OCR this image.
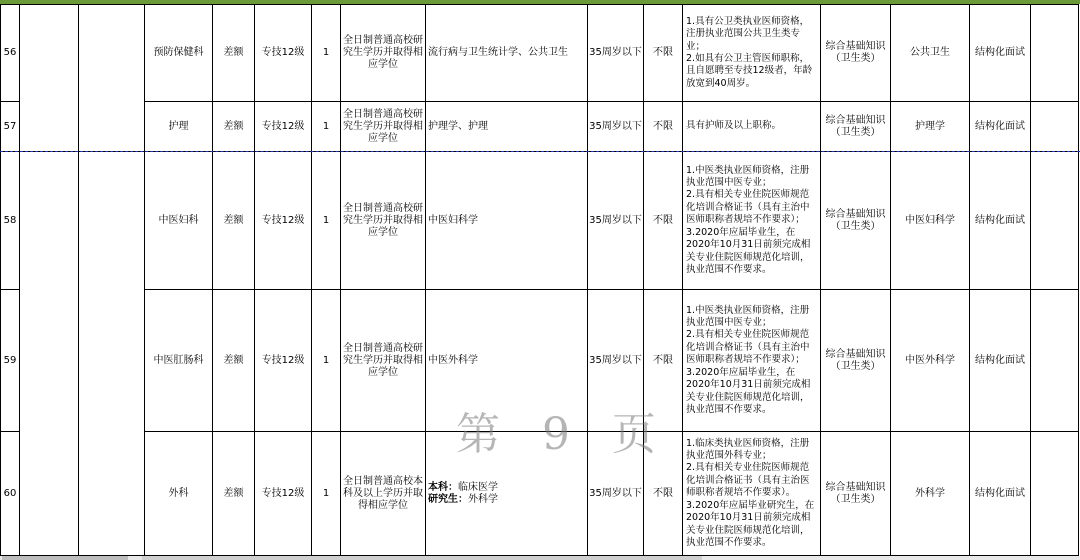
56			预防保健科	差额	专技12级	1	全日制普通高校研究生学历并取得相应学位	流行病与卫生统计学、公共卫生	35周岁以下	不限	1.具有公卫类执业医师资格，注册执业范围公共卫生类专业；
2.如具有公卫主管医师职称，且自愿聘至专技12级者，年龄放宽到40周岁。	综合基础知识（卫生类）	公共卫生	结构化面试	
57			护理	差额	专技12级	1	全日制普通高校研究生学历并取得相应学位	护理学、护理	35周岁以下	不限	具有护师及以上职称。	综合基础知识（卫生类）	护理学	结构化面试	
58			中医妇科	差额	专技12级	1	全日制普通高校研究生学历并取得相应学位	中医妇科学	35周岁以下	不限	1.中医类执业医师资格，注册执业范围中医专业；
2.具有相关专业住院医师规范化培训合格证书（具有主治中医师职称者规培不作要求）；
3.2020年应届毕业生，在2020年10月31日前须完成相关专业住院医师规范化培训，执业范围不作要求。	综合基础知识（卫生类）	中医妇科学	结构化面试	
59			中医肛肠科	差额	专技12级	1	全日制普通高校研究生学历并取得相应学位	中医外科学	35周岁以下	不限	1.中医类执业医师资格，注册执业范围中医专业；
2.具有相关专业住院医师规范化培训合格证书（具有主治中医师职称者规培不作要求）；
3.2020年应届毕业生，在2020年10月31日前须完成相关专业住院医师规范化培训，执业范围不作要求。	综合基础知识（卫生类）	中医外科学	结构化面试	
60			外科	差额	专技12级	1	全日制普通高校本科及以上学历并取得相应学位	本科：临床医学
研究生：外科学	35周岁以下	不限	1.临床类执业医师资格，注册执业范围外科专业；
2.具有相关专业住院医师规范化培训合格证书（具有主治医师职称者规培不作要求）。
3.2020年应届毕业研究生，在2020年10月31日前须完成相关专业住院医师规范化培训，执业范围不作要求。	综合基础知识（卫生类）	外科学	结构化面试	
第 9 页
